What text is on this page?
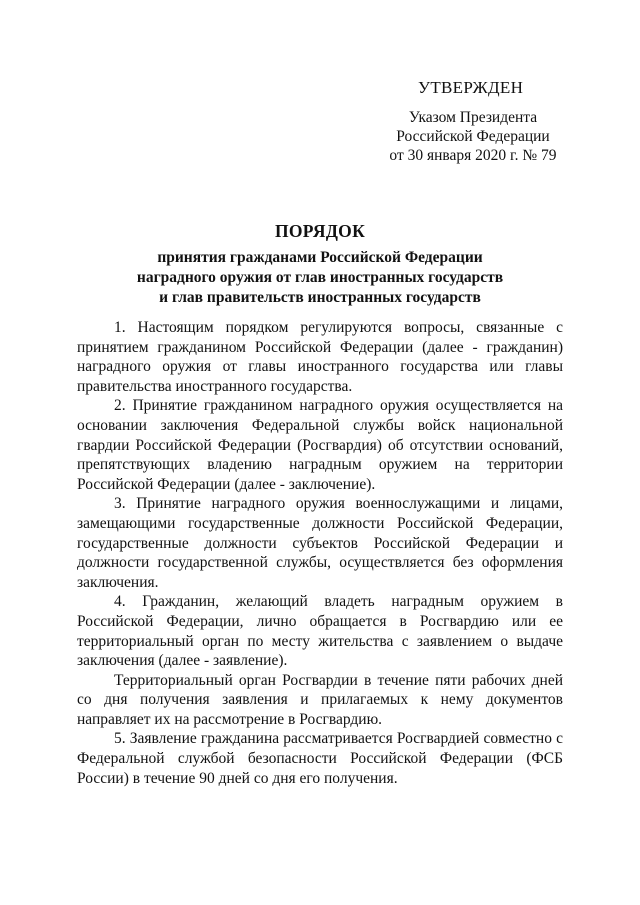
УТВЕРЖДЕН
Указом Президента
Российской Федерации
от 30 января 2020 г. № 79
ПОРЯДОК
принятия гражданами Российской Федерации
наградного оружия от глав иностранных государств
и глав правительств иностранных государств

1. Настоящим порядком регулируются вопросы, связанные с принятием гражданином Российской Федерации (далее - гражданин) наградного оружия от главы иностранного государства или главы правительства иностранного государства.

2. Принятие гражданином наградного оружия осуществляется на основании заключения Федеральной службы войск национальной гвардии Российской Федерации (Росгвардия) об отсутствии оснований, препятствующих владению наградным оружием на территории Российской Федерации (далее - заключение).

3. Принятие наградного оружия военнослужащими и лицами, замещающими государственные должности Российской Федерации, государственные должности субъектов Российской Федерации и должности государственной службы, осуществляется без оформления заключения.

4. Гражданин, желающий владеть наградным оружием в Российской Федерации, лично обращается в Росгвардию или ее территориальный орган по месту жительства с заявлением о выдаче заключения (далее - заявление).

Территориальный орган Росгвардии в течение пяти рабочих дней со дня получения заявления и прилагаемых к нему документов направляет их на рассмотрение в Росгвардию.

5. Заявление гражданина рассматривается Росгвардией совместно с Федеральной службой безопасности Российской Федерации (ФСБ России) в течение 90 дней со дня его получения.
